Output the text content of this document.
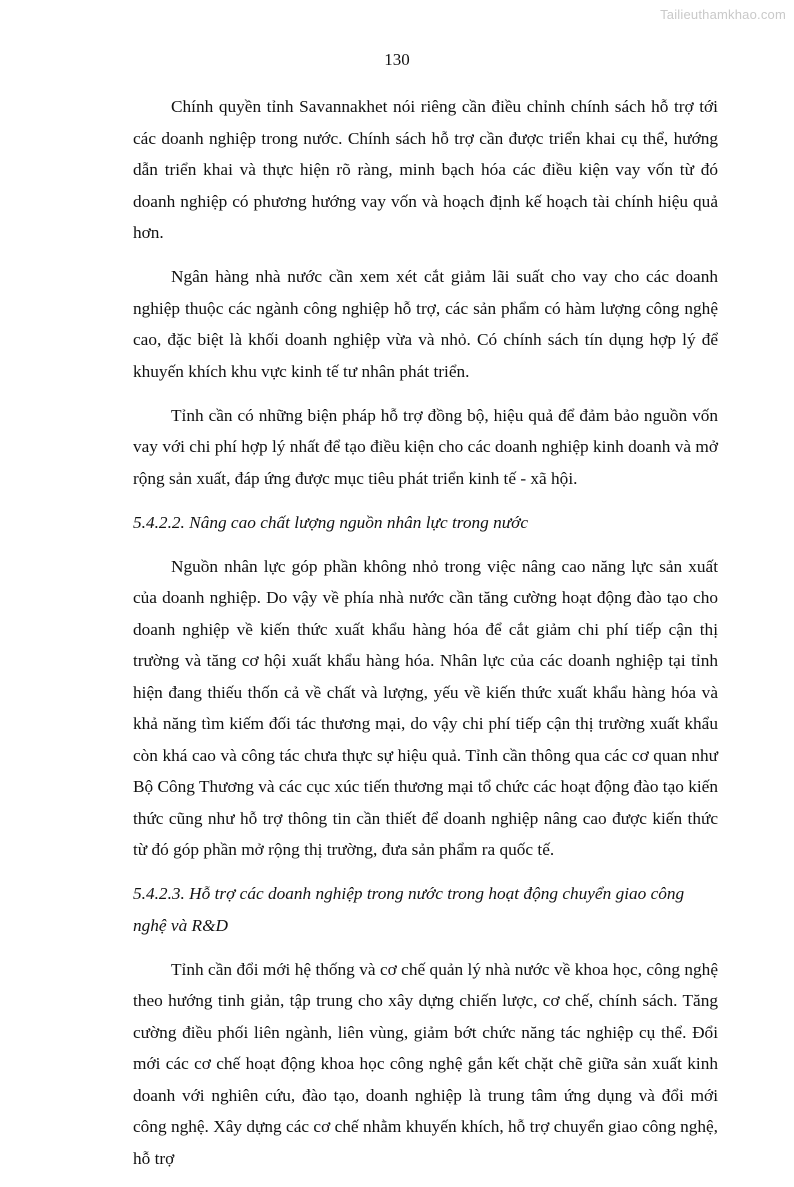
Tailieuthamkhao.com
130

Chính quyền tỉnh Savannakhet nói riêng cần điều chỉnh chính sách hỗ trợ tới các doanh nghiệp trong nước. Chính sách hỗ trợ cần được triển khai cụ thể, hướng dẫn triển khai và thực hiện rõ ràng, minh bạch hóa các điều kiện vay vốn từ đó doanh nghiệp có phương hướng vay vốn và hoạch định kế hoạch tài chính hiệu quả hơn.

Ngân hàng nhà nước cần xem xét cắt giảm lãi suất cho vay cho các doanh nghiệp thuộc các ngành công nghiệp hỗ trợ, các sản phẩm có hàm lượng công nghệ cao, đặc biệt là khối doanh nghiệp vừa và nhỏ. Có chính sách tín dụng hợp lý để khuyến khích khu vực kinh tế tư nhân phát triển.

Tỉnh cần có những biện pháp hỗ trợ đồng bộ, hiệu quả để đảm bảo nguồn vốn vay với chi phí hợp lý nhất để tạo điều kiện cho các doanh nghiệp kinh doanh và mở rộng sản xuất, đáp ứng được mục tiêu phát triển kinh tế - xã hội.

5.4.2.2. Nâng cao chất lượng nguồn nhân lực trong nước

Nguồn nhân lực góp phần không nhỏ trong việc nâng cao năng lực sản xuất của doanh nghiệp. Do vậy về phía nhà nước cần tăng cường hoạt động đào tạo cho doanh nghiệp về kiến thức xuất khẩu hàng hóa để cắt giảm chi phí tiếp cận thị trường và tăng cơ hội xuất khẩu hàng hóa. Nhân lực của các doanh nghiệp tại tỉnh hiện đang thiếu thốn cả về chất và lượng, yếu về kiến thức xuất khẩu hàng hóa và khả năng tìm kiếm đối tác thương mại, do vậy chi phí tiếp cận thị trường xuất khẩu còn khá cao và công tác chưa thực sự hiệu quả. Tỉnh cần thông qua các cơ quan như Bộ Công Thương và các cục xúc tiến thương mại tổ chức các hoạt động đào tạo kiến thức cũng như hỗ trợ thông tin cần thiết để doanh nghiệp nâng cao được kiến thức từ đó góp phần mở rộng thị trường, đưa sản phẩm ra quốc tế.

5.4.2.3. Hỗ trợ các doanh nghiệp trong nước trong hoạt động chuyển giao công nghệ và R&D

Tỉnh cần đổi mới hệ thống và cơ chế quản lý nhà nước về khoa học, công nghệ theo hướng tinh giản, tập trung cho xây dựng chiến lược, cơ chế, chính sách. Tăng cường điều phối liên ngành, liên vùng, giảm bớt chức năng tác nghiệp cụ thể. Đổi mới các cơ chế hoạt động khoa học công nghệ gắn kết chặt chẽ giữa sản xuất kinh doanh với nghiên cứu, đào tạo, doanh nghiệp là trung tâm ứng dụng và đổi mới công nghệ. Xây dựng các cơ chế nhằm khuyến khích, hỗ trợ chuyển giao công nghệ, hỗ trợ
